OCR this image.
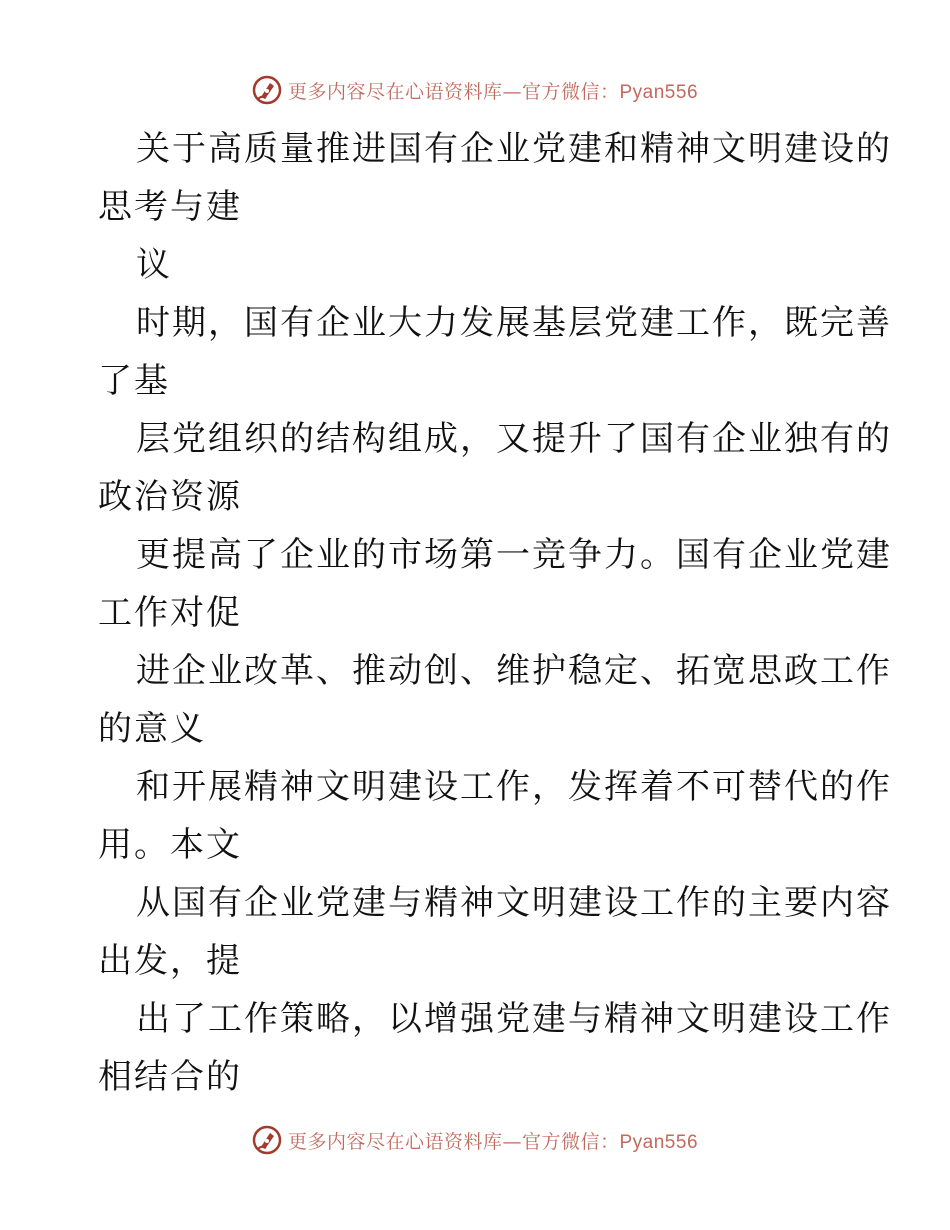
更多内容尽在心语资料库—官方微信：Pyan556
关于高质量推进国有企业党建和精神文明建设的
思考与建
议
时期，国有企业大力发展基层党建工作，既完善
了基
层党组织的结构组成，又提升了国有企业独有的
政治资源
更提高了企业的市场第一竞争力。国有企业党建
工作对促
进企业改革、推动创、维护稳定、拓宽思政工作
的意义
和开展精神文明建设工作，发挥着不可替代的作
用。本文
从国有企业党建与精神文明建设工作的主要内容
出发，提
出了工作策略，以增强党建与精神文明建设工作
相结合的
更多内容尽在心语资料库—官方微信：Pyan556
